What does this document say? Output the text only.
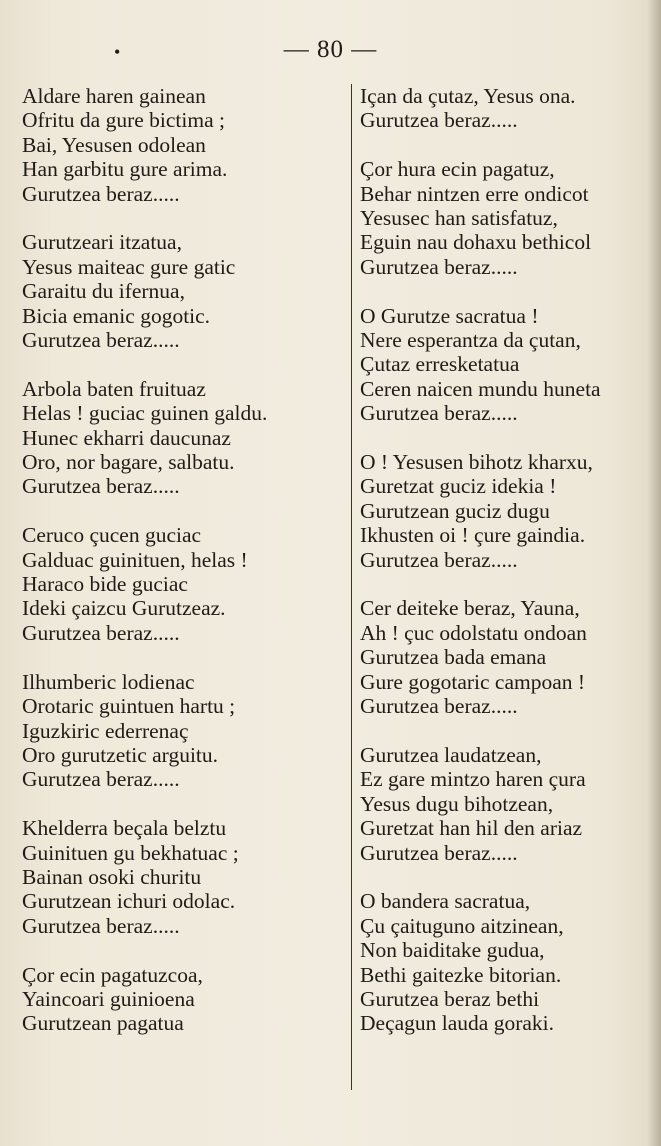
•	— 80 —
Aldare haren gainean
Ofritu da gure bictima ;
Bai, Yesusen odolean
Han garbitu gure arima.
Gurutzea beraz.....
Gurutzeari itzatua,
Yesus maiteac gure gatic
Garaitu du ifernua,
Bicia emanic gogotic.
Gurutzea beraz.....
Arbola baten fruituaz
Helas ! guciac guinen galdu.
Hunec ekharri daucunaz
Oro, nor bagare, salbatu.
Gurutzea beraz.....
Ceruco çucen guciac
Galduac guinituen, helas !
Haraco bide guciac
Ideki çaizcu Gurutzeaz.
Gurutzea beraz.....
Ilhumberic lodienac
Orotaric guintuen hartu ;
Iguzkiric ederrenaç
Oro gurutzetic arguitu.
Gurutzea beraz.....
Khelderra beçala belztu
Guinituen gu bekhatuac ;
Bainan osoki churitu
Gurutzean ichuri odolac.
Gurutzea beraz.....
Çor ecin pagatuzcoa,
Yaincoari guinioena
Gurutzean pagatua
Içan da çutaz, Yesus ona.
Gurutzea beraz.....
Çor hura ecin pagatuz,
Behar nintzen erre ondicot
Yesusec han satisfatuz,
Eguin nau dohaxu bethicol
Gurutzea beraz.....
O Gurutze sacratua !
Nere esperantza da çutan,
Çutaz erresketatua
Ceren naicen mundu huneta
Gurutzea beraz.....
O ! Yesusen bihotz kharxu,
Guretzat guciz idekia !
Gurutzean guciz dugu
Ikhusten oi ! çure gaindia.
Gurutzea beraz.....
Cer deiteke beraz, Yauna,
Ah ! çuc odolstatu ondoan
Gurutzea bada emana
Gure gogotaric campoan !
Gurutzea beraz.....
Gurutzea laudatzean,
Ez gare mintzo haren çura
Yesus dugu bihotzean,
Guretzat han hil den ariaz
Gurutzea beraz.....
O bandera sacratua,
Çu çaituguno aitzinean,
Non baiditake gudua,
Bethi gaitezke bitorian.
Gurutzea beraz bethi
Deçagun lauda goraki.
